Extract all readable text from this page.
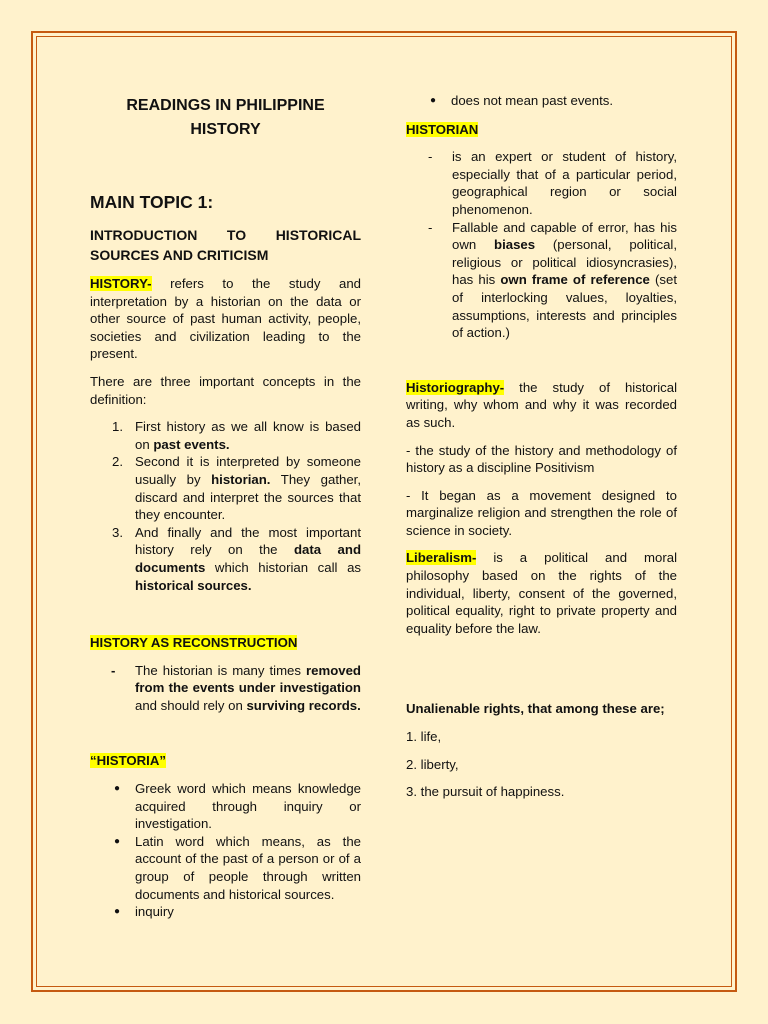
READINGS IN PHILIPPINE HISTORY
MAIN TOPIC 1:
INTRODUCTION TO HISTORICAL SOURCES AND CRITICISM

HISTORY- refers to the study and interpretation by a historian on the data or other source of past human activity, people, societies and civilization leading to the present.

There are three important concepts in the definition:

1. First history as we all know is based on past events.
2. Second it is interpreted by someone usually by historian. They gather, discard and interpret the sources that they encounter.
3. And finally and the most important history rely on the data and documents which historian call as historical sources.

HISTORY AS RECONSTRUCTION

- The historian is many times removed from the events under investigation and should rely on surviving records.

“HISTORIA”

● Greek word which means knowledge acquired through inquiry or investigation.
● Latin word which means, as the account of the past of a person or of a group of people through written documents and historical sources.
● inquiry
● does not mean past events.

HISTORIAN

- is an expert or student of history, especially that of a particular period, geographical region or social phenomenon.
- Fallable and capable of error, has his own biases (personal, political, religious or political idiosyncrasies), has his own frame of reference (set of interlocking values, loyalties, assumptions, interests and principles of action.)

Historiography- the study of historical writing, why whom and why it was recorded as such.

- the study of the history and methodology of history as a discipline Positivism

- It began as a movement designed to marginalize religion and strengthen the role of science in society.

Liberalism- is a political and moral philosophy based on the rights of the individual, liberty, consent of the governed, political equality, right to private property and equality before the law.

Unalienable rights, that among these are;

1. life,

2. liberty,

3. the pursuit of happiness.
